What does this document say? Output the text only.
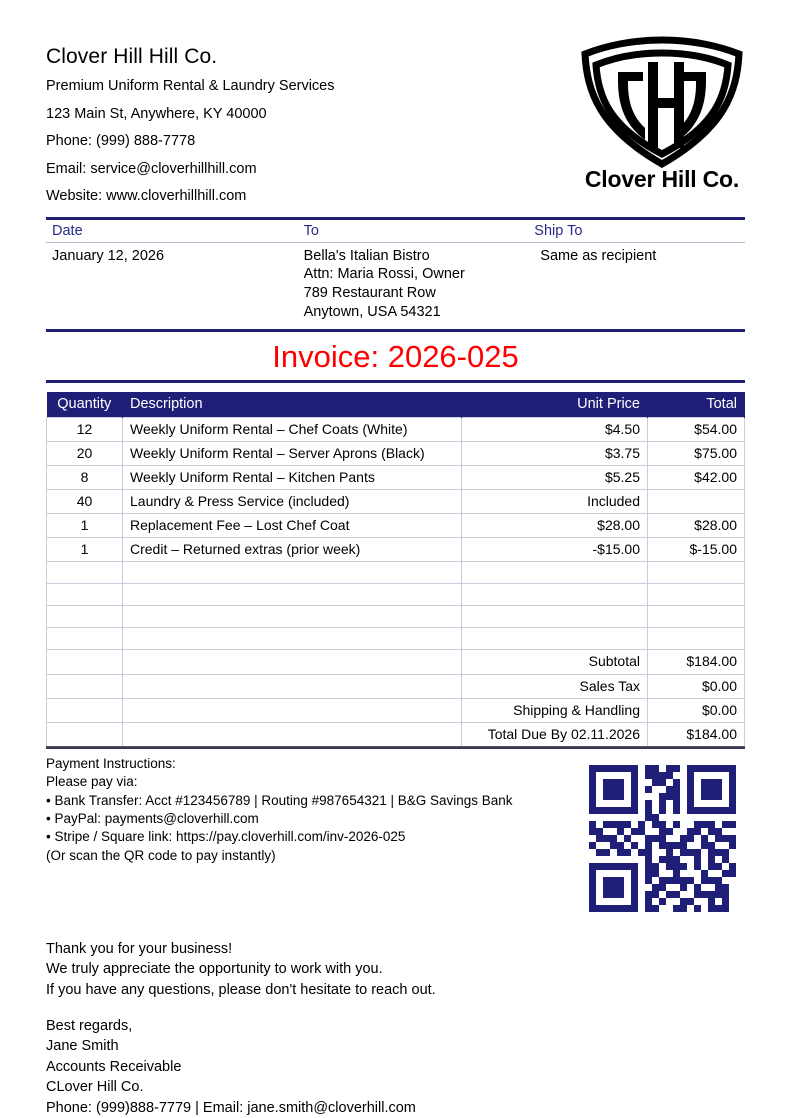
Clover Hill Hill Co.
Premium Uniform Rental & Laundry Services
123 Main St, Anywhere, KY 40000
Phone: (999) 888-7778
Email: service@cloverhillhill.com
Website: www.cloverhillhill.com
Clover Hill Co.
Date	To	Ship To
January 12, 2026	Bella's Italian Bistro
Attn: Maria Rossi, Owner
789 Restaurant Row
Anytown, USA 54321	Same as recipient
Invoice: 2026-025
Quantity	Description	Unit Price	Total
12	Weekly Uniform Rental – Chef Coats (White)	$4.50	$54.00
20	Weekly Uniform Rental – Server Aprons (Black)	$3.75	$75.00
8	Weekly Uniform Rental – Kitchen Pants	$5.25	$42.00
40	Laundry & Press Service (included)	Included	
1	Replacement Fee – Lost Chef Coat	$28.00	$28.00
1	Credit – Returned extras (prior week)	-$15.00	$-15.00

		Subtotal	$184.00
		Sales Tax	$0.00
		Shipping & Handling	$0.00
		Total Due By 02.11.2026	$184.00
Payment Instructions:
Please pay via:
• Bank Transfer: Acct #123456789 | Routing #987654321 | B&G Savings Bank
• PayPal: payments@cloverhill.com
• Stripe / Square link: https://pay.cloverhill.com/inv-2026-025
(Or scan the QR code to pay instantly)
Thank you for your business!
We truly appreciate the opportunity to work with you.
If you have any questions, please don't hesitate to reach out.
Best regards,
Jane Smith
Accounts Receivable
CLover Hill Co.
Phone: (999)888-7779 | Email: jane.smith@cloverhill.com
